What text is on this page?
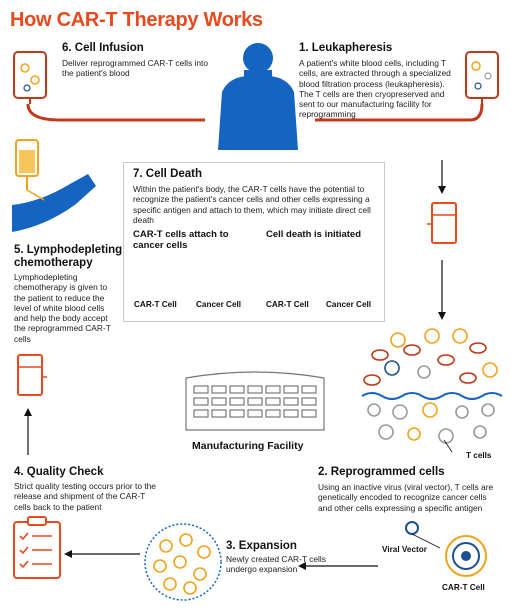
How CAR-T Therapy Works
6. Cell Infusion
Deliver reprogrammed CAR-T cells into the patient's blood
1. Leukapheresis
A patient's white blood cells, including T cells, are extracted through a specialized blood filtration process (leukapheresis). The T cells are then cryopreserved and sent to our manufacturing facility for reprogramming
7. Cell Death
Within the patient's body, the CAR-T cells have the potential to recognize the patient's cancer cells and other cells expressing a specific antigen and attach to them, which may initiate direct cell death
CAR-T cells attach to cancer cells
Cell death is initiated
CAR-T Cell Cancer Cell	CAR-T Cell Cancer Cell
5. Lymphodepleting chemotherapy
Lymphodepleting chemotherapy is given to the patient to reduce the level of white blood cells and help the body accept the reprogrammed CAR-T cells
Manufacturing Facility
T cells
4. Quality Check
Strict quality testing occurs prior to the release and shipment of the CAR-T cells back to the patient
2. Reprogrammed cells
Using an inactive virus (viral vector), T cells are genetically encoded to recognize cancer cells and other cells expressing a specific antigen
3. Expansion
Newly created CAR-T cells undergo expansion
Viral Vector
CAR-T Cell
